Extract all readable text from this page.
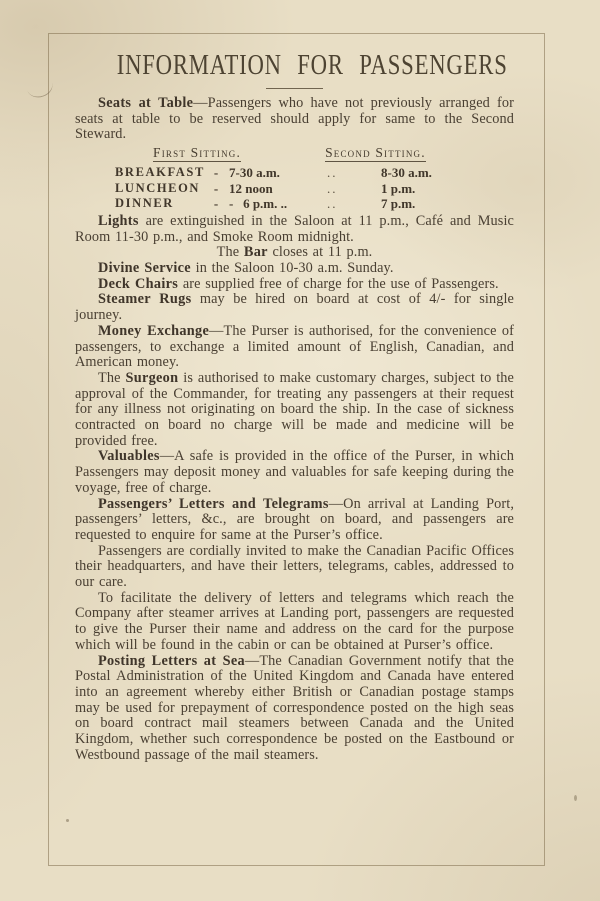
INFORMATION FOR PASSENGERS

Seats at Table—Passengers who have not previously arranged for seats at table to be reserved should apply for same to the Second Steward.

First Sitting.	Second Sitting.
BREAKFAST - 7-30 a.m.	..	8-30 a.m.
LUNCHEON	- 12 noon	..	1 p.m.
DINNER	- -   6 p.m. ..	..	7 p.m.

Lights are extinguished in the Saloon at 11 p.m., Café and Music Room 11-30 p.m., and Smoke Room midnight.

The Bar closes at 11 p.m.

Divine Service in the Saloon 10-30 a.m. Sunday.

Deck Chairs are supplied free of charge for the use of Passengers.

Steamer Rugs may be hired on board at cost of 4/- for single journey.

Money Exchange—The Purser is authorised, for the convenience of passengers, to exchange a limited amount of English, Canadian, and American money.

The Surgeon is authorised to make customary charges, subject to the approval of the Commander, for treating any passengers at their request for any illness not originating on board the ship. In the case of sickness contracted on board no charge will be made and medicine will be provided free.

Valuables—A safe is provided in the office of the Purser, in which Passengers may deposit money and valuables for safe keeping during the voyage, free of charge.

Passengers’ Letters and Telegrams—On arrival at Landing Port, passengers’ letters, &c., are brought on board, and passengers are requested to enquire for same at the Purser’s office.

Passengers are cordially invited to make the Canadian Pacific Offices their headquarters, and have their letters, telegrams, cables, addressed to our care.

To facilitate the delivery of letters and telegrams which reach the Company after steamer arrives at Landing port, passengers are requested to give the Purser their name and address on the card for the purpose which will be found in the cabin or can be obtained at Purser’s office.

Posting Letters at Sea—The Canadian Government notify that the Postal Administration of the United Kingdom and Canada have entered into an agreement whereby either British or Canadian postage stamps may be used for prepayment of correspondence posted on the high seas on board contract mail steamers between Canada and the United Kingdom, whether such correspondence be posted on the Eastbound or Westbound passage of the mail steamers.
